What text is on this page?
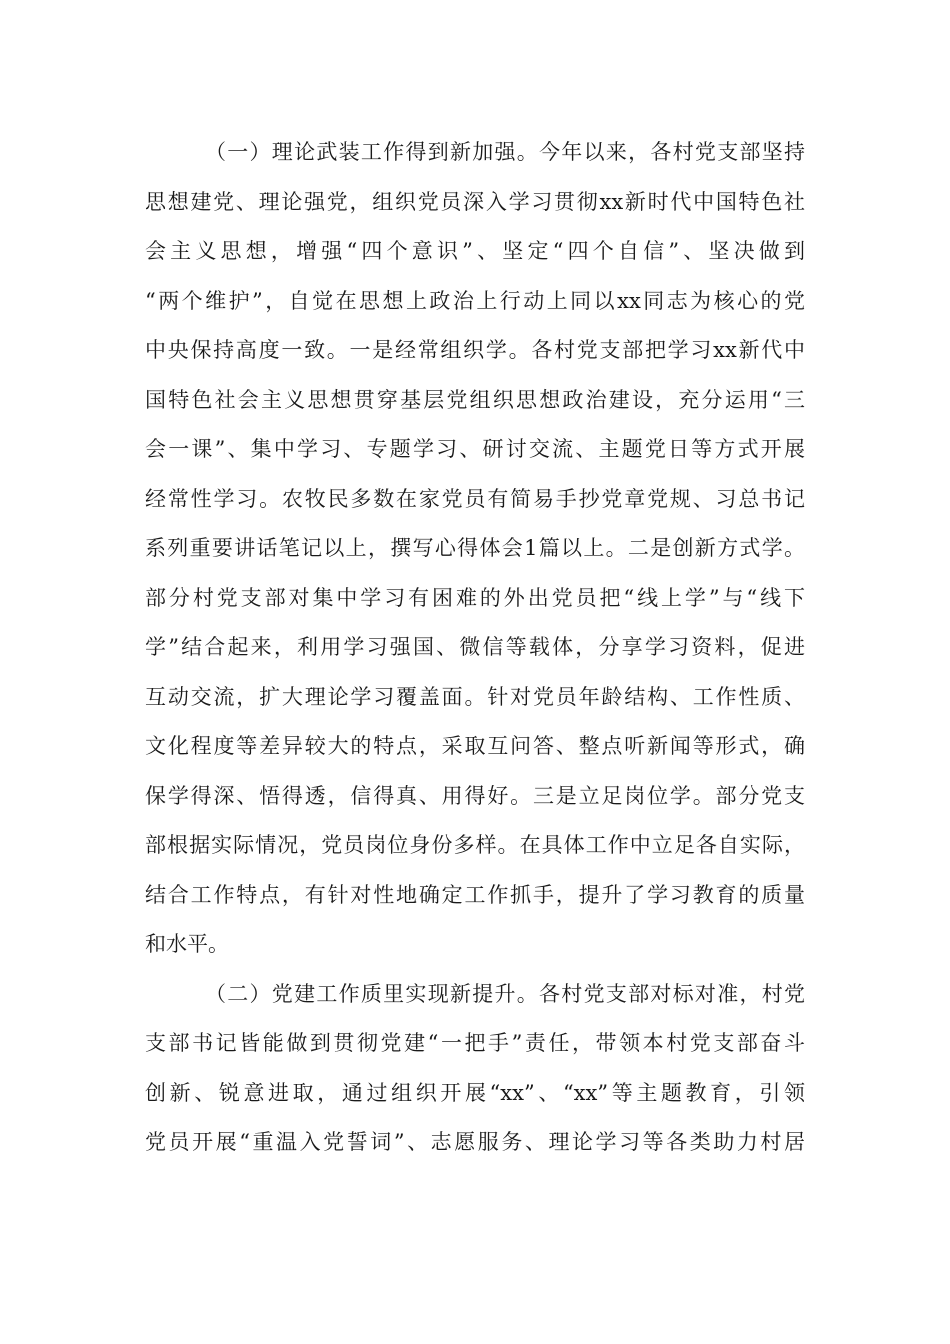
（一）理论武装工作得到新加强。今年以来，各村党支部坚持
思想建党、理论强党，组织党员深入学习贯彻xx新时代中国特色社
会主义思想，增强“四个意识”、坚定“四个自信”、坚决做到
“两个维护”，自觉在思想上政治上行动上同以xx同志为核心的党
中央保持高度一致。一是经常组织学。各村党支部把学习xx新代中
国特色社会主义思想贯穿基层党组织思想政治建设，充分运用“三
会一课”、集中学习、专题学习、研讨交流、主题党日等方式开展
经常性学习。农牧民多数在家党员有简易手抄党章党规、习总书记
系列重要讲话笔记以上，撰写心得体会1篇以上。二是创新方式学。
部分村党支部对集中学习有困难的外出党员把“线上学”与“线下
学”结合起来，利用学习强国、微信等载体，分享学习资料，促进
互动交流，扩大理论学习覆盖面。针对党员年龄结构、工作性质、
文化程度等差异较大的特点，采取互问答、整点听新闻等形式，确
保学得深、悟得透，信得真、用得好。三是立足岗位学。部分党支
部根据实际情况，党员岗位身份多样。在具体工作中立足各自实际，
结合工作特点，有针对性地确定工作抓手，提升了学习教育的质量
和水平。
（二）党建工作质里实现新提升。各村党支部对标对准，村党
支部书记皆能做到贯彻党建“一把手”责任，带领本村党支部奋斗
创新、锐意进取，通过组织开展“xx”、“xx”等主题教育，引领
党员开展“重温入党誓词”、志愿服务、理论学习等各类助力村居
